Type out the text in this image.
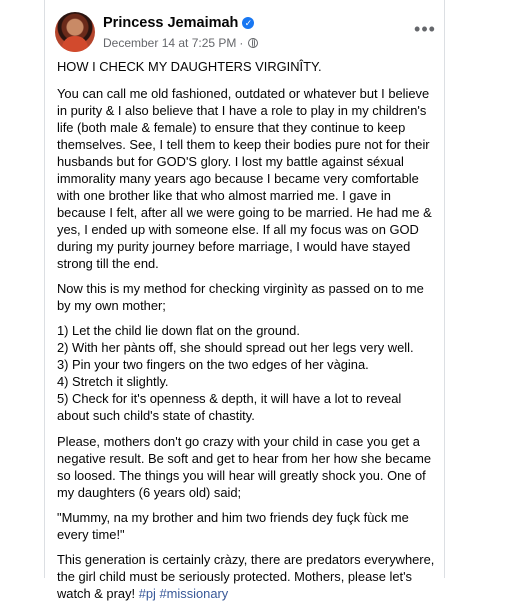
Princess Jemaimah ✓
December 14 at 7:25 PM ·
•••

HOW I CHECK MY DAUGHTERS VIRGINÎTY.

You can call me old fashioned, outdated or whatever but I believe in purity & I also believe that I have a role to play in my children's life (both male & female) to ensure that they continue to keep themselves. See, I tell them to keep their bodies pure not for their husbands but for GOD'S glory. I lost my battle against séxual immorality many years ago because I became very comfortable with one brother like that who almost married me. I gave in because I felt, after all we were going to be married. He had me & yes, I ended up with someone else. If all my focus was on GOD during my purity journey before marriage, I would have stayed strong till the end.

Now this is my method for checking virginìty as passed on to me by my own mother;

1) Let the child lie down flat on the ground.
2) With her pànts off, she should spread out her legs very well.
3) Pin your two fingers on the two edges of her vàgina.
4) Stretch it slightly.
5) Check for it's openness & depth, it will have a lot to reveal about such child's state of chastity.

Please, mothers don't go crazy with your child in case you get a negative result. Be soft and get to hear from her how she became so loosed. The things you will hear will greatly shock you. One of my daughters (6 years old) said;

"Mummy, na my brother and him two friends dey fuçk fùck me every time!"

This generation is certainly cràzy, there are predators everywhere, the girl child must be seriously protected. Mothers, please let's watch & pray! #pj #missionary
